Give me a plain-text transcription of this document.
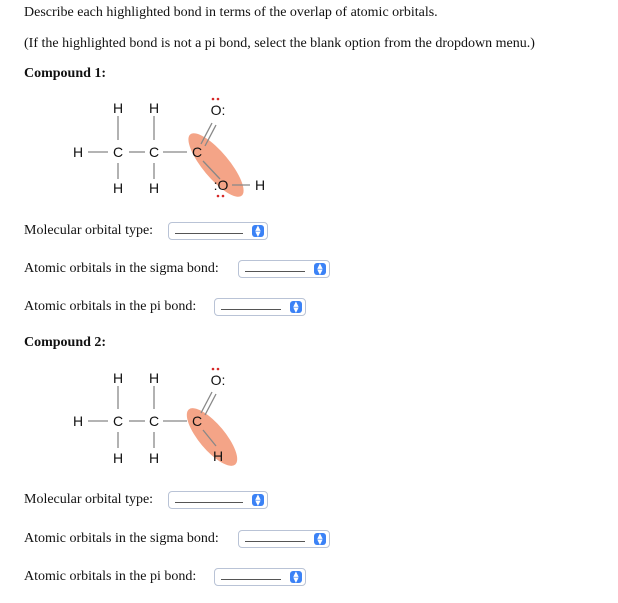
Describe each highlighted bond in terms of the overlap of atomic orbitals.
(If the highlighted bond is not a pi bond, select the blank option from the dropdown menu.)
Compound 1:
H H
H C C C
H H
O:
:O H
Molecular orbital type:	▲
▼
Atomic orbitals in the sigma bond:	▲
▼
Atomic orbitals in the pi bond:	▲
▼
Compound 2:
H H
H C C C
H H
O:
H
Molecular orbital type:	▲
▼
Atomic orbitals in the sigma bond:	▲
▼
Atomic orbitals in the pi bond:	▲
▼
